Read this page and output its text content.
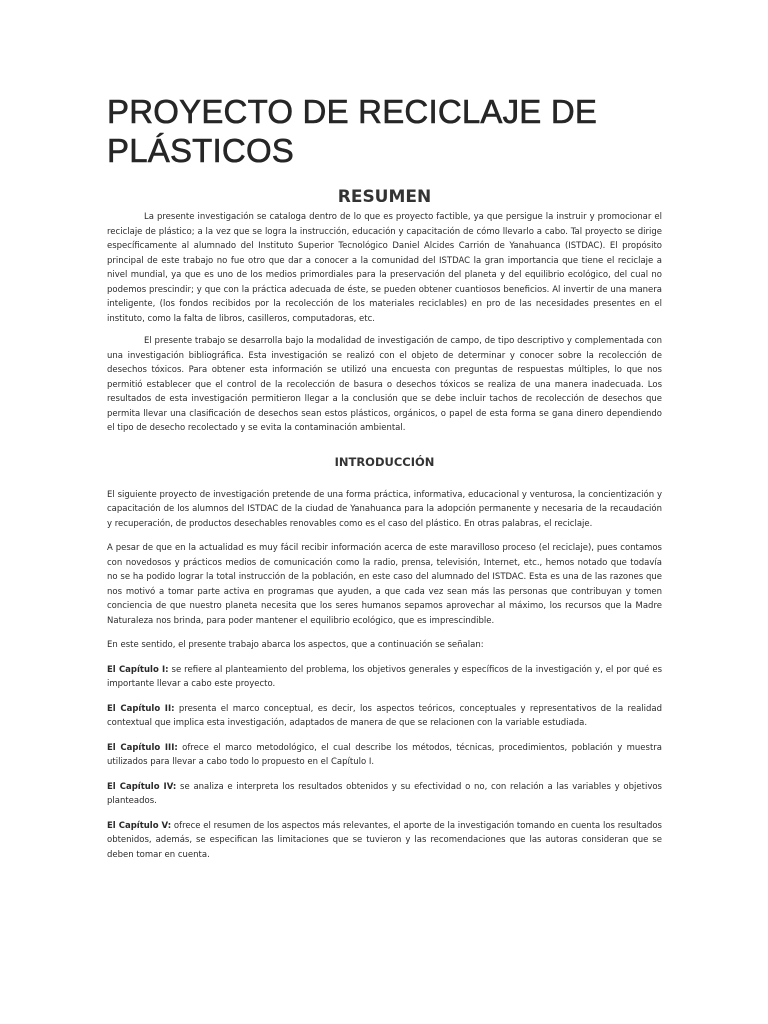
PROYECTO DE RECICLAJE DE PLÁSTICOS
RESUMEN

La presente investigación se cataloga dentro de lo que es proyecto factible, ya que persigue la instruir y promocionar el reciclaje de plástico; a la vez que se logra la instrucción, educación y capacitación de cómo llevarlo a cabo. Tal proyecto se dirige específicamente al alumnado del Instituto Superior Tecnológico Daniel Alcides Carrión de Yanahuanca (ISTDAC). El propósito principal de este trabajo no fue otro que dar a conocer a la comunidad del ISTDAC la gran importancia que tiene el reciclaje a nivel mundial, ya que es uno de los medios primordiales para la preservación del planeta y del equilibrio ecológico, del cual no podemos prescindir; y que con la práctica adecuada de éste, se pueden obtener cuantiosos beneficios. Al invertir de una manera inteligente, (los fondos recibidos por la recolección de los materiales reciclables) en pro de las necesidades presentes en el instituto, como la falta de libros, casilleros, computadoras, etc.

El presente trabajo se desarrolla bajo la modalidad de investigación de campo, de tipo descriptivo y complementada con una investigación bibliográfica. Esta investigación se realizó con el objeto de determinar y conocer sobre la recolección de desechos tóxicos. Para obtener esta información se utilizó una encuesta con preguntas de respuestas múltiples, lo que nos permitió establecer que el control de la recolección de basura o desechos tóxicos se realiza de una manera inadecuada. Los resultados de esta investigación permitieron llegar a la conclusión que se debe incluir tachos de recolección de desechos que permita llevar una clasificación de desechos sean estos plásticos, orgánicos, o papel de esta forma se gana dinero dependiendo el tipo de desecho recolectado y se evita la contaminación ambiental.

INTRODUCCIÓN

El siguiente proyecto de investigación pretende de una forma práctica, informativa, educacional y venturosa, la concientización y capacitación de los alumnos del ISTDAC de la ciudad de Yanahuanca para la adopción permanente y necesaria de la recaudación y recuperación, de productos desechables renovables como es el caso del plástico. En otras palabras, el reciclaje.

A pesar de que en la actualidad es muy fácil recibir información acerca de este maravilloso proceso (el reciclaje), pues contamos con novedosos y prácticos medios de comunicación como la radio, prensa, televisión, Internet, etc., hemos notado que todavía no se ha podido lograr la total instrucción de la población, en este caso del alumnado del ISTDAC. Esta es una de las razones que nos motivó a tomar parte activa en programas que ayuden, a que cada vez sean más las personas que contribuyan y tomen conciencia de que nuestro planeta necesita que los seres humanos sepamos aprovechar al máximo, los recursos que la Madre Naturaleza nos brinda, para poder mantener el equilibrio ecológico, que es imprescindible.

En este sentido, el presente trabajo abarca los aspectos, que a continuación se señalan:

El Capítulo I: se refiere al planteamiento del problema, los objetivos generales y específicos de la investigación y, el por qué es importante llevar a cabo este proyecto.

El Capítulo II: presenta el marco conceptual, es decir, los aspectos teóricos, conceptuales y representativos de la realidad contextual que implica esta investigación, adaptados de manera de que se relacionen con la variable estudiada.

El Capítulo III: ofrece el marco metodológico, el cual describe los métodos, técnicas, procedimientos, población y muestra utilizados para llevar a cabo todo lo propuesto en el Capítulo I.

El Capítulo IV: se analiza e interpreta los resultados obtenidos y su efectividad o no, con relación a las variables y objetivos planteados.

El Capítulo V: ofrece el resumen de los aspectos más relevantes, el aporte de la investigación tomando en cuenta los resultados obtenidos, además, se especifican las limitaciones que se tuvieron y las recomendaciones que las autoras consideran que se deben tomar en cuenta.
